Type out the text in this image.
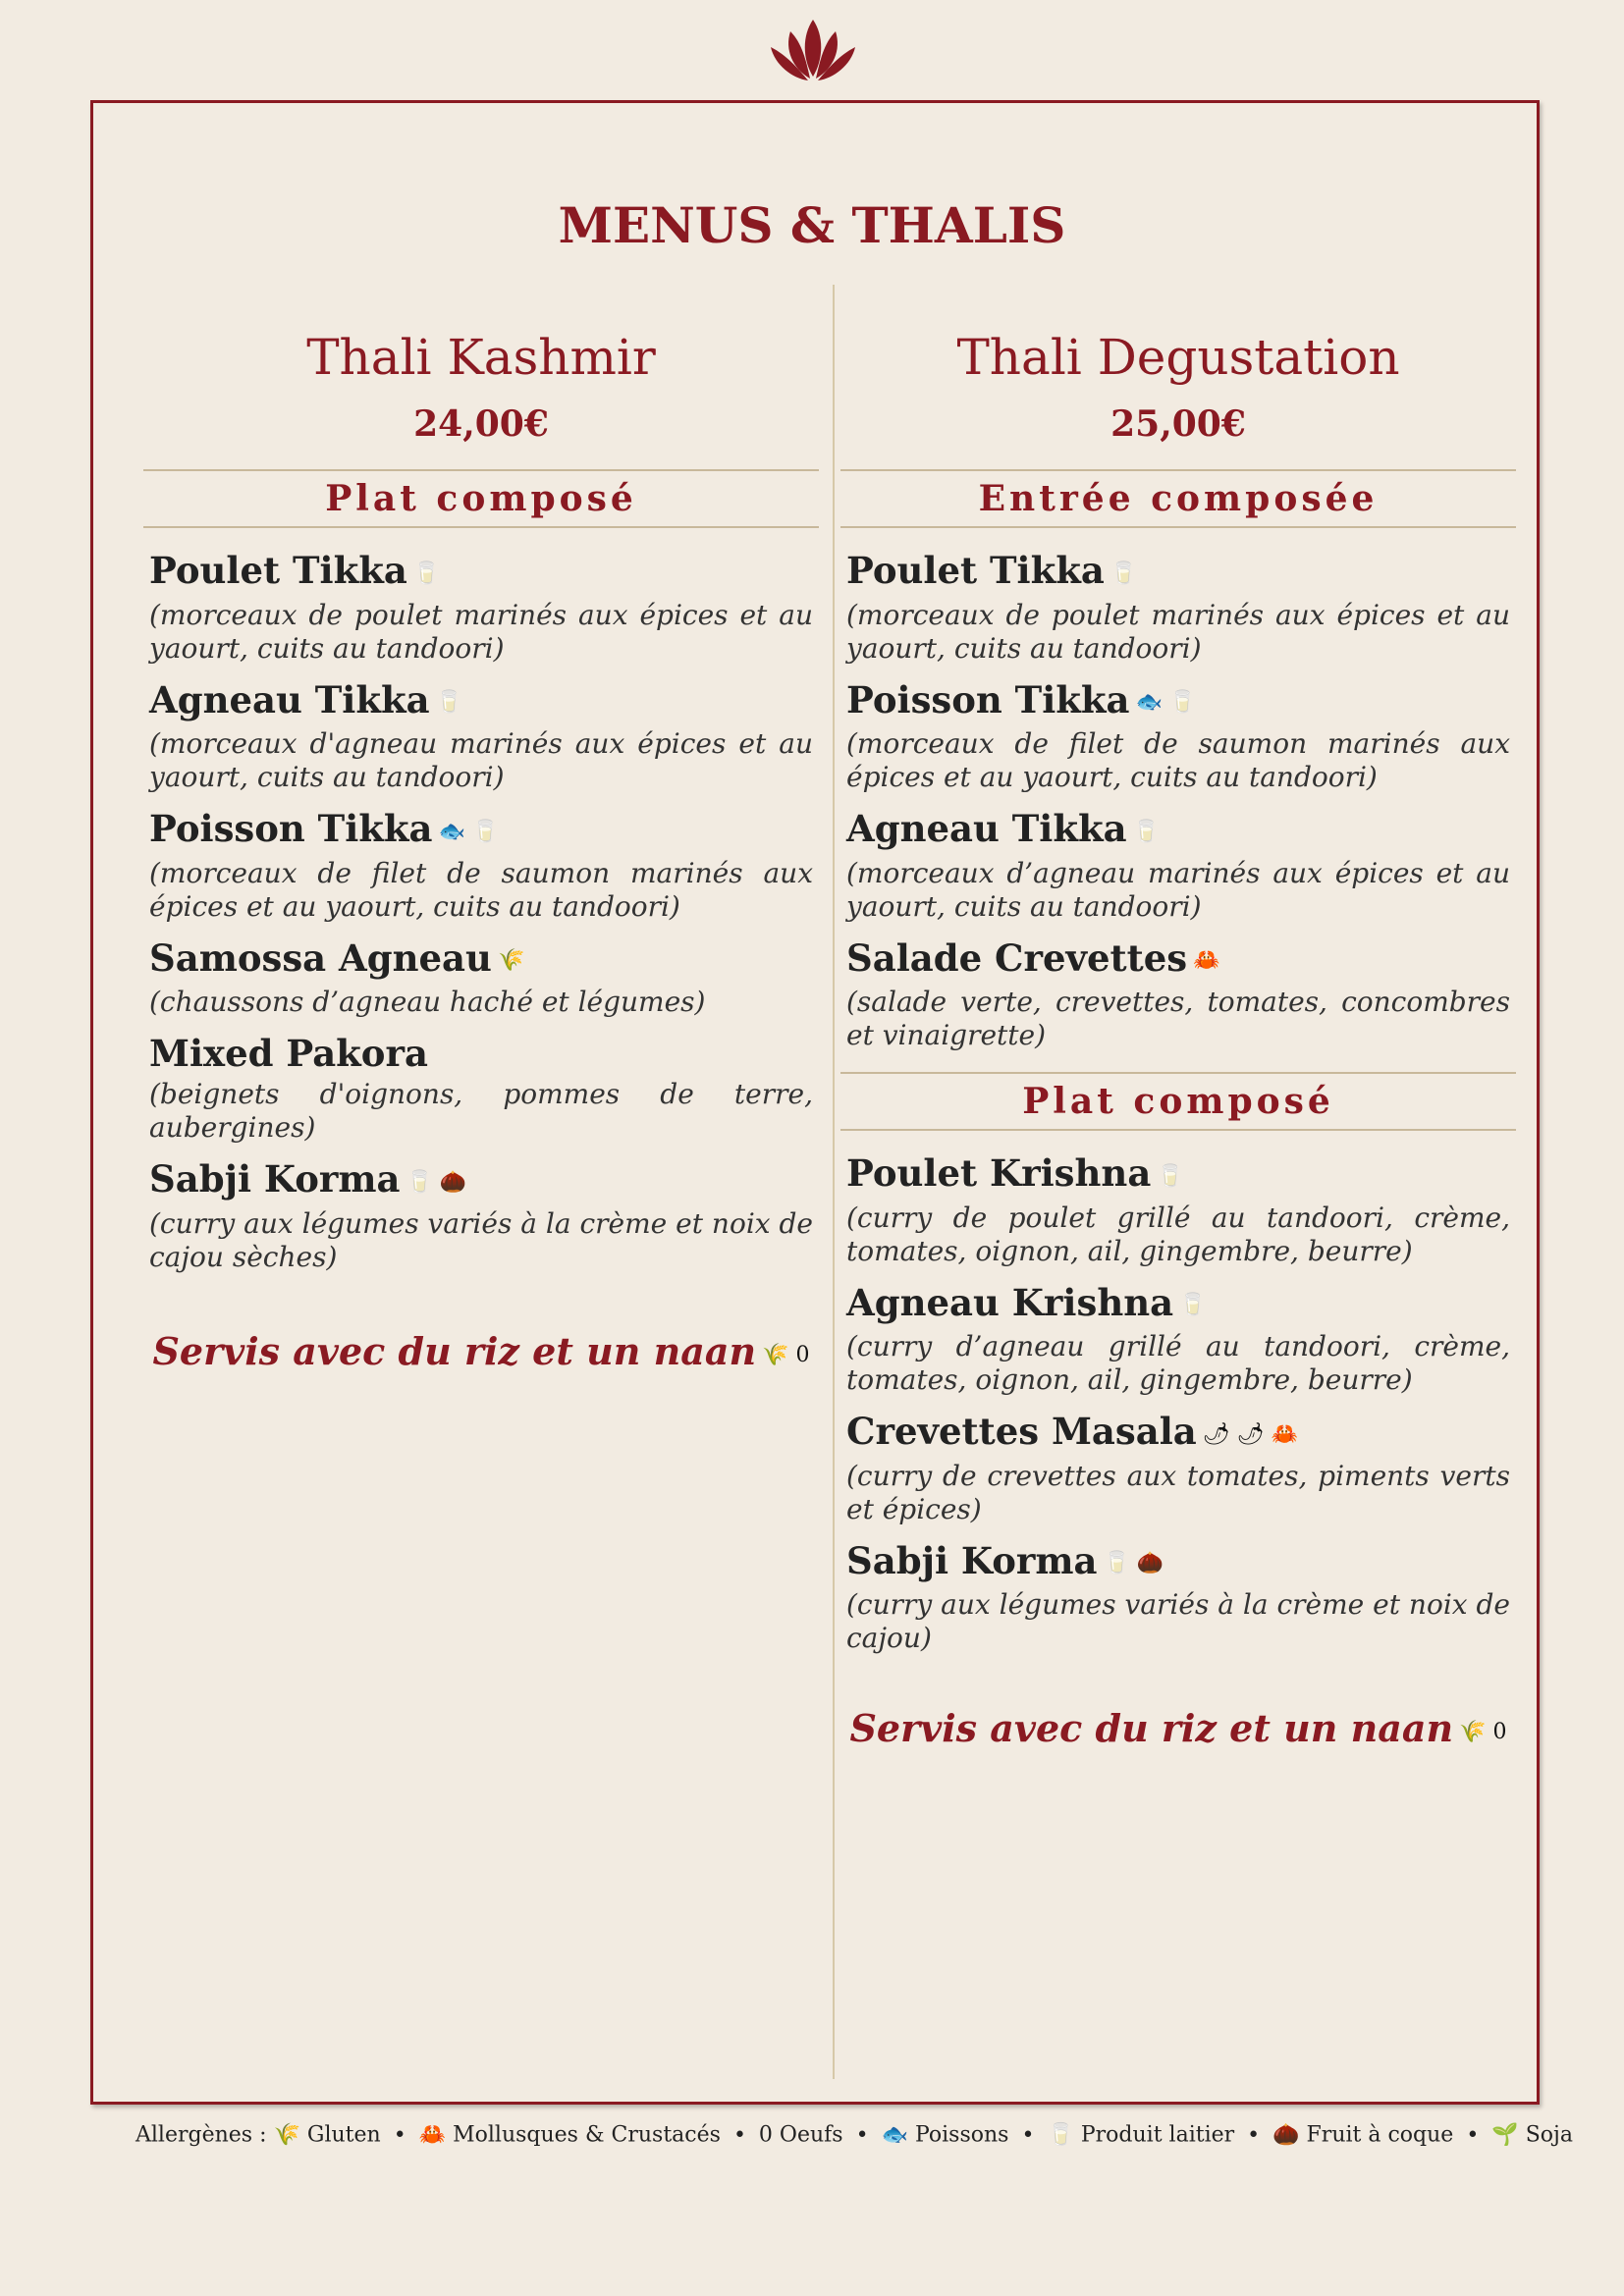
MENUS & THALIS
Thali Kashmir
24,00€
Plat composé
Poulet Tikka 🥛
(morceaux de poulet marinés aux épices et au yaourt, cuits au tandoori)
Agneau Tikka 🥛
(morceaux d'agneau marinés aux épices et au yaourt, cuits au tandoori)
Poisson Tikka 🐟 🥛
(morceaux de filet de saumon marinés aux épices et au yaourt, cuits au tandoori)
Samossa Agneau 🌾
(chaussons d’agneau haché et légumes)
Mixed Pakora
(beignets d'oignons, pommes de terre, aubergines)
Sabji Korma 🥛 🌰
(curry aux légumes variés à la crème et noix de cajou sèches)
Servis avec du riz et un naan 🌾 0
Thali Degustation
25,00€
Entrée composée
Poulet Tikka 🥛
(morceaux de poulet marinés aux épices et au yaourt, cuits au tandoori)
Poisson Tikka 🐟 🥛
(morceaux de filet de saumon marinés aux épices et au yaourt, cuits au tandoori)
Agneau Tikka 🥛
(morceaux d’agneau marinés aux épices et au yaourt, cuits au tandoori)
Salade Crevettes 🦀
(salade verte, crevettes, tomates, concombres et vinaigrette)
Plat composé
Poulet Krishna 🥛
(curry de poulet grillé au tandoori, crème, tomates, oignon, ail, gingembre, beurre)
Agneau Krishna 🥛
(curry d’agneau grillé au tandoori, crème, tomates, oignon, ail, gingembre, beurre)
Crevettes Masala 🌶 🌶 🦀
(curry de crevettes aux tomates, piments verts et épices)
Sabji Korma 🥛 🌰
(curry aux légumes variés à la crème et noix de cajou)
Servis avec du riz et un naan 🌾 0
Allergènes : 🌾 Gluten • 🦀 Mollusques & Crustacés • 0 Oeufs • 🐟 Poissons • 🥛 Produit laitier • 🌰 Fruit à coque • 🌱 Soja
